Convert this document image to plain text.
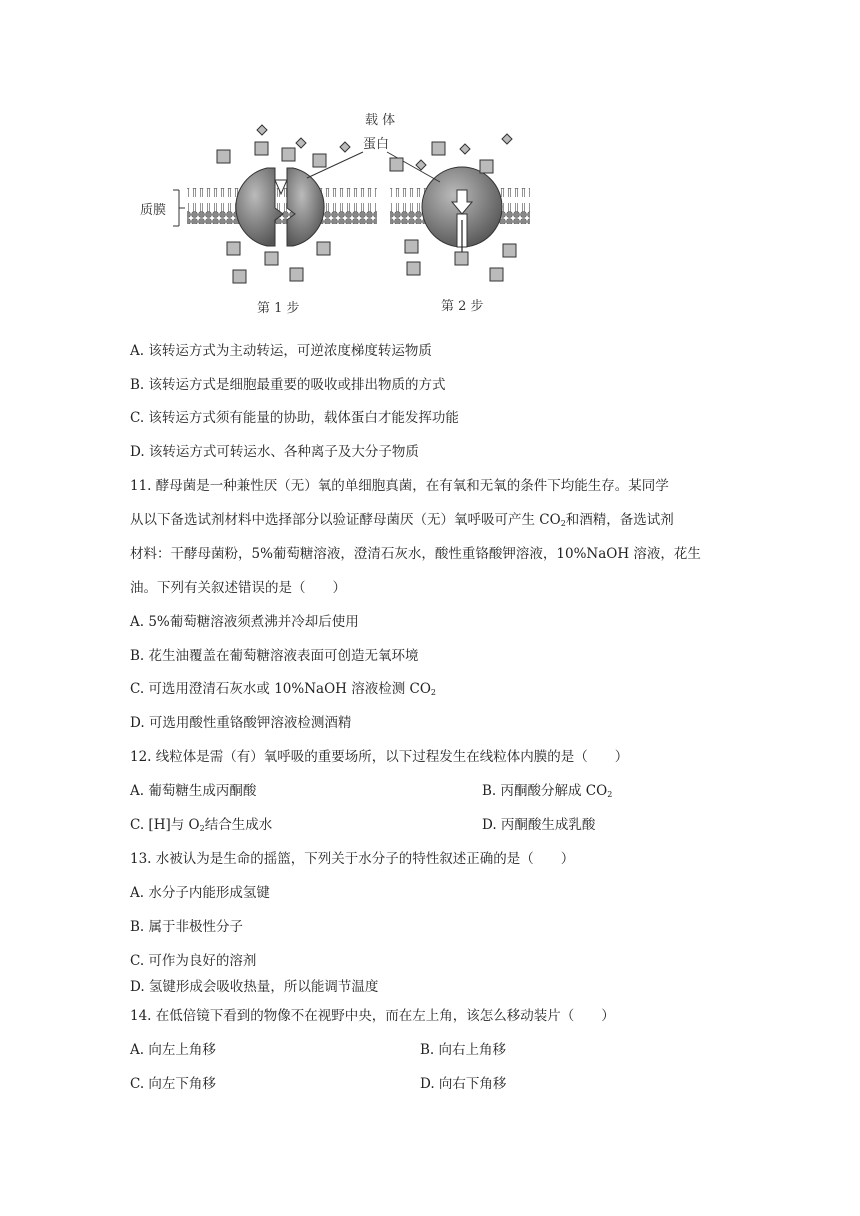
质膜
载 体
蛋白
第 1 步	第 2 步
A. 该转运方式为主动转运，可逆浓度梯度转运物质
B. 该转运方式是细胞最重要的吸收或排出物质的方式
C. 该转运方式须有能量的协助，载体蛋白才能发挥功能
D. 该转运方式可转运水、各种离子及大分子物质
11. 酵母菌是一种兼性厌（无）氧的单细胞真菌，在有氧和无氧的条件下均能生存。某同学
从以下备选试剂材料中选择部分以验证酵母菌厌（无）氧呼吸可产生 $CO_2$和酒精，备选试剂
材料：干酵母菌粉，5%葡萄糖溶液，澄清石灰水，酸性重铬酸钾溶液，10%NaOH 溶液，花生
油。下列有关叙述错误的是（　　）
A. 5%葡萄糖溶液须煮沸并冷却后使用
B. 花生油覆盖在葡萄糖溶液表面可创造无氧环境
C. 可选用澄清石灰水或 10%NaOH 溶液检测 $CO_2$
D. 可选用酸性重铬酸钾溶液检测酒精
12. 线粒体是需（有）氧呼吸的重要场所，以下过程发生在线粒体内膜的是（　　）
A. 葡萄糖生成丙酮酸	B. 丙酮酸分解成 $CO_2$
C. [H]与 $O_2$结合生成水	D. 丙酮酸生成乳酸
13. 水被认为是生命的摇篮，下列关于水分子的特性叙述正确的是（　　）
A. 水分子内能形成氢键
B. 属于非极性分子
C. 可作为良好的溶剂
D. 氢键形成会吸收热量，所以能调节温度
14. 在低倍镜下看到的物像不在视野中央，而在左上角，该怎么移动装片（　　）
A. 向左上角移	B. 向右上角移
C. 向左下角移	D. 向右下角移
